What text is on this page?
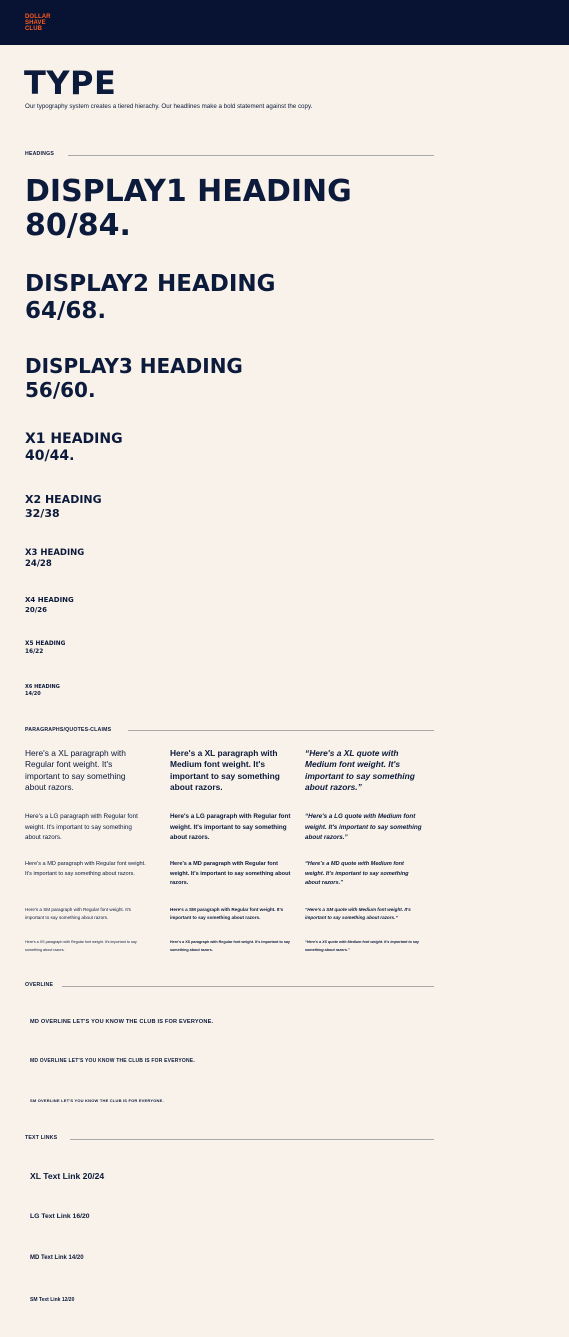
DOLLAR
SHAVE
CLUB
TYPE

Our typography system creates a tiered hierachy. Our headlines make a bold statement against the copy.

HEADINGS
DISPLAY1 HEADING
80/84.
DISPLAY2 HEADING
64/68.
DISPLAY3 HEADING
56/60.
X1 HEADING
40/44.
X2 HEADING
32/38
X3 HEADING
24/28
X4 HEADING
20/26
X5 HEADING
16/22
X6 HEADING
14/20
PARAGRAPHS/QUOTES-CLAIMS

Here's a XL paragraph with Regular font weight. It's important to say something about razors.

Here's a LG paragraph with Regular font weight. It's important to say something about razors.

Here's a MD paragraph with Regular font weight. It's important to say something about razors.

Here's a SM paragraph with Regular font weight. It's important to say something about razors.

Here's a XS paragraph with Regular font weight. It's important to say something about razors.

Here's a XL paragraph with Medium font weight. It's important to say something about razors.

Here's a LG paragraph with Regular font weight. It's important to say something about razors.

Here's a MD paragraph with Regular font weight. It's important to say something about razors.

Here's a SM paragraph with Regular font weight. It's important to say something about razors.

Here's a XS paragraph with Regular font weight. It's important to say something about razors.

“Here's a XL quote with Medium font weight. It's important to say something about razors.”

“Here's a LG quote with Medium font weight. It's important to say something about razors.”

“Here's a MD quote with Medium font weight. It's important to say something about razors.”

“Here's a SM quote with Medium font weight. It's important to say something about razors.”

“Here's a XS quote with Medium font weight. It's important to say something about razors.”

OVERLINE

MD OVERLINE LET'S YOU KNOW THE CLUB IS FOR EVERYONE.

MD OVERLINE LET'S YOU KNOW THE CLUB IS FOR EVERYONE.

SM OVERLINE LET'S YOU KNOW THE CLUB IS FOR EVERYONE.

TEXT LINKS
XL Text Link 20/24
LG Text Link 16/20
MD Text Link 14/20
SM Text Link 12/20
